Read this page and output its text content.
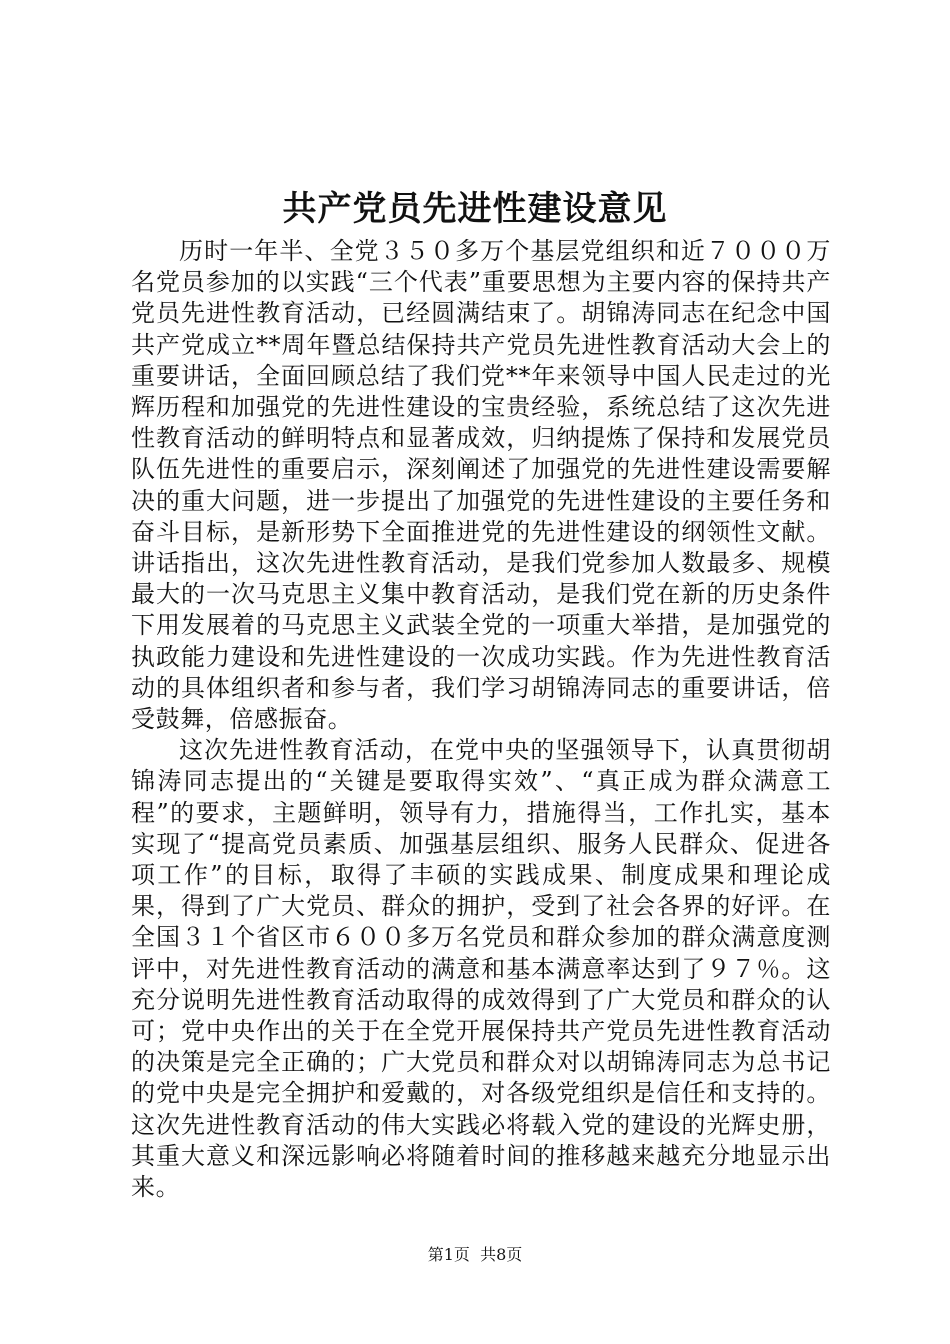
共产党员先进性建设意见

历时一年半、全党３５０多万个基层党组织和近７０００万名党员参加的以实践“三个代表”重要思想为主要内容的保持共产党员先进性教育活动，已经圆满结束了。胡锦涛同志在纪念中国共产党成立**周年暨总结保持共产党员先进性教育活动大会上的重要讲话，全面回顾总结了我们党**年来领导中国人民走过的光辉历程和加强党的先进性建设的宝贵经验，系统总结了这次先进性教育活动的鲜明特点和显著成效，归纳提炼了保持和发展党员队伍先进性的重要启示，深刻阐述了加强党的先进性建设需要解决的重大问题，进一步提出了加强党的先进性建设的主要任务和奋斗目标，是新形势下全面推进党的先进性建设的纲领性文献。讲话指出，这次先进性教育活动，是我们党参加人数最多、规模最大的一次马克思主义集中教育活动，是我们党在新的历史条件下用发展着的马克思主义武装全党的一项重大举措，是加强党的执政能力建设和先进性建设的一次成功实践。作为先进性教育活动的具体组织者和参与者，我们学习胡锦涛同志的重要讲话，倍受鼓舞，倍感振奋。

这次先进性教育活动，在党中央的坚强领导下，认真贯彻胡锦涛同志提出的“关键是要取得实效”、“真正成为群众满意工程”的要求，主题鲜明，领导有力，措施得当，工作扎实，基本实现了“提高党员素质、加强基层组织、服务人民群众、促进各项工作”的目标，取得了丰硕的实践成果、制度成果和理论成果，得到了广大党员、群众的拥护，受到了社会各界的好评。在全国３１个省区市６００多万名党员和群众参加的群众满意度测评中，对先进性教育活动的满意和基本满意率达到了９７％。这充分说明先进性教育活动取得的成效得到了广大党员和群众的认可；党中央作出的关于在全党开展保持共产党员先进性教育活动的决策是完全正确的；广大党员和群众对以胡锦涛同志为总书记的党中央是完全拥护和爱戴的，对各级党组织是信任和支持的。这次先进性教育活动的伟大实践必将载入党的建设的光辉史册，其重大意义和深远影响必将随着时间的推移越来越充分地显示出来。

第1页  共8页
